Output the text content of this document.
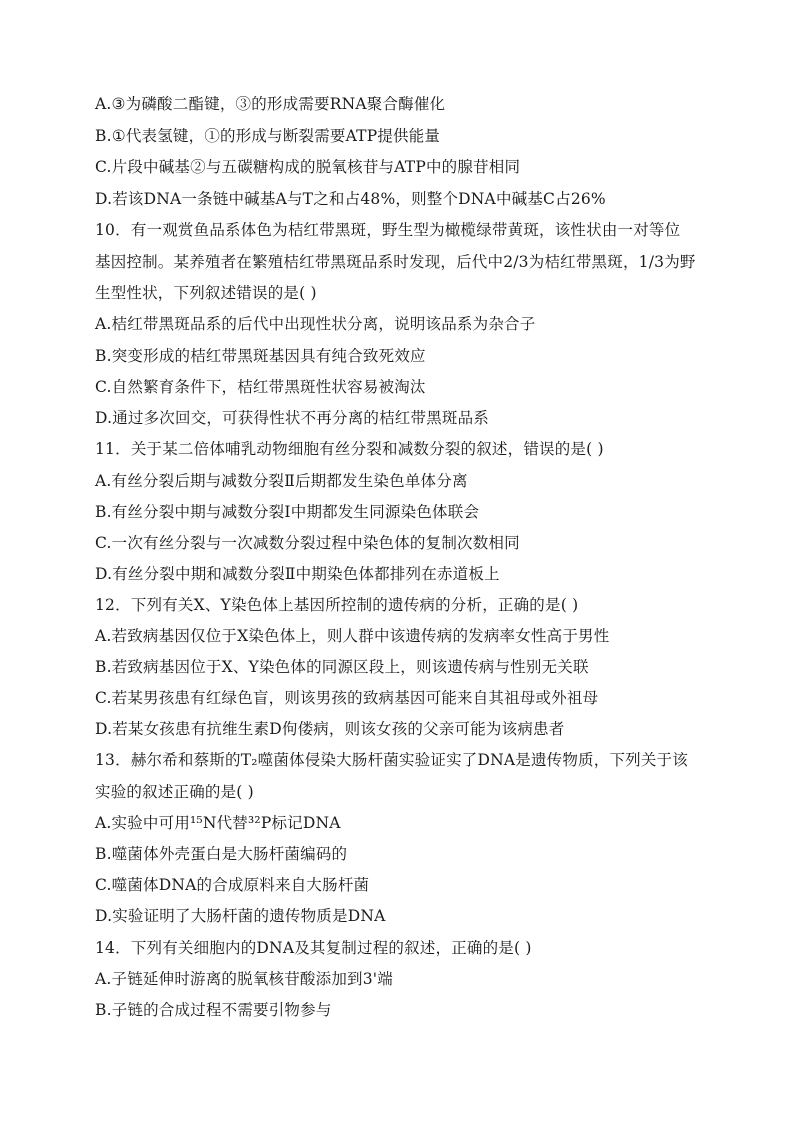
A.③为磷酸二酯键，③的形成需要RNA聚合酶催化
B.①代表氢键，①的形成与断裂需要ATP提供能量
C.片段中碱基②与五碳糖构成的脱氧核苷与ATP中的腺苷相同
D.若该DNA一条链中碱基A与T之和占48%，则整个DNA中碱基C占26%
10．有一观赏鱼品系体色为桔红带黑斑，野生型为橄榄绿带黄斑，该性状由一对等位
基因控制。某养殖者在繁殖桔红带黑斑品系时发现，后代中2/3为桔红带黑斑，1/3为野
生型性状，下列叙述错误的是( )
A.桔红带黑斑品系的后代中出现性状分离，说明该品系为杂合子
B.突变形成的桔红带黑斑基因具有纯合致死效应
C.自然繁育条件下，桔红带黑斑性状容易被淘汰
D.通过多次回交，可获得性状不再分离的桔红带黑斑品系
11．关于某二倍体哺乳动物细胞有丝分裂和减数分裂的叙述，错误的是( )
A.有丝分裂后期与减数分裂Ⅱ后期都发生染色单体分离
B.有丝分裂中期与减数分裂Ⅰ中期都发生同源染色体联会
C.一次有丝分裂与一次减数分裂过程中染色体的复制次数相同
D.有丝分裂中期和减数分裂Ⅱ中期染色体都排列在赤道板上
12．下列有关X、Y染色体上基因所控制的遗传病的分析，正确的是( )
A.若致病基因仅位于X染色体上，则人群中该遗传病的发病率女性高于男性
B.若致病基因位于X、Y染色体的同源区段上，则该遗传病与性别无关联
C.若某男孩患有红绿色盲，则该男孩的致病基因可能来自其祖母或外祖母
D.若某女孩患有抗维生素D佝偻病，则该女孩的父亲可能为该病患者
13．赫尔希和蔡斯的T₂噬菌体侵染大肠杆菌实验证实了DNA是遗传物质，下列关于该
实验的叙述正确的是( )
A.实验中可用¹⁵N代替³²P标记DNA
B.噬菌体外壳蛋白是大肠杆菌编码的
C.噬菌体DNA的合成原料来自大肠杆菌
D.实验证明了大肠杆菌的遗传物质是DNA
14．下列有关细胞内的DNA及其复制过程的叙述，正确的是( )
A.子链延伸时游离的脱氧核苷酸添加到3'端
B.子链的合成过程不需要引物参与
